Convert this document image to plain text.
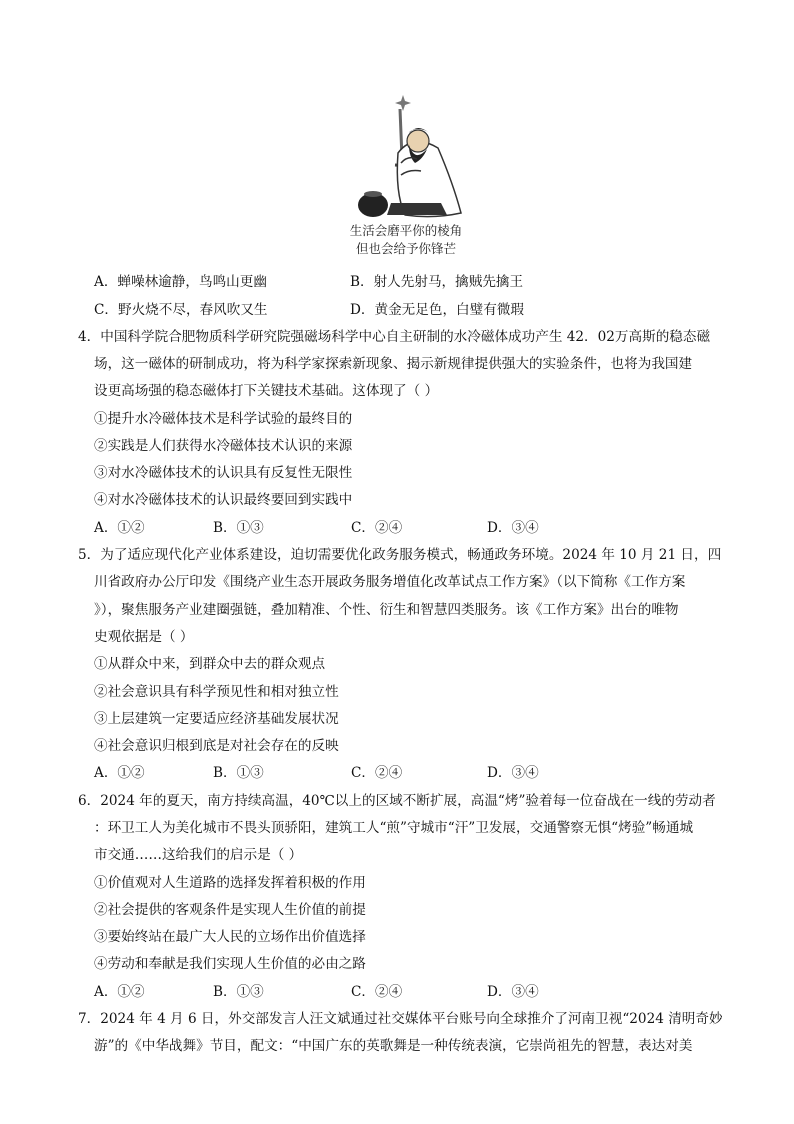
生活会磨平你的棱角
但也会给予你锋芒
A．蝉噪林逾静，鸟鸣山更幽	B．射人先射马，擒贼先擒王
C．野火烧不尽，春风吹又生	D．黄金无足色，白璧有微瑕
4．中国科学院合肥物质科学研究院强磁场科学中心自主研制的水冷磁体成功产生 42．02万高斯的稳态磁
场，这一磁体的研制成功，将为科学家探索新现象、揭示新规律提供强大的实验条件，也将为我国建
设更高场强的稳态磁体打下关键技术基础。这体现了（ ）
①提升水冷磁体技术是科学试验的最终目的
②实践是人们获得水冷磁体技术认识的来源
③对水冷磁体技术的认识具有反复性无限性
④对水冷磁体技术的认识最终要回到实践中
A．①②	B．①③	C．②④	D．③④
5．为了适应现代化产业体系建设，迫切需要优化政务服务模式，畅通政务环境。2024 年 10 月 21 日，四
川省政府办公厅印发《围绕产业生态开展政务服务增值化改革试点工作方案》（以下简称《工作方案
》），聚焦服务产业建圈强链，叠加精准、个性、衍生和智慧四类服务。该《工作方案》出台的唯物
史观依据是（ ）
①从群众中来，到群众中去的群众观点
②社会意识具有科学预见性和相对独立性
③上层建筑一定要适应经济基础发展状况
④社会意识归根到底是对社会存在的反映
A．①②	B．①③	C．②④	D．③④
6．2024 年的夏天，南方持续高温，40℃以上的区域不断扩展，高温“烤”验着每一位奋战在一线的劳动者
：环卫工人为美化城市不畏头顶骄阳，建筑工人“煎”守城市“汗”卫发展，交通警察无惧“烤验”畅通城
市交通……这给我们的启示是（ ）
①价值观对人生道路的选择发挥着积极的作用
②社会提供的客观条件是实现人生价值的前提
③要始终站在最广大人民的立场作出价值选择
④劳动和奉献是我们实现人生价值的必由之路
A．①②	B．①③	C．②④	D．③④
7．2024 年 4 月 6 日，外交部发言人汪文斌通过社交媒体平台账号向全球推介了河南卫视“2024 清明奇妙
游”的《中华战舞》节目，配文：“中国广东的英歌舞是一种传统表演，它崇尚祖先的智慧，表达对美
